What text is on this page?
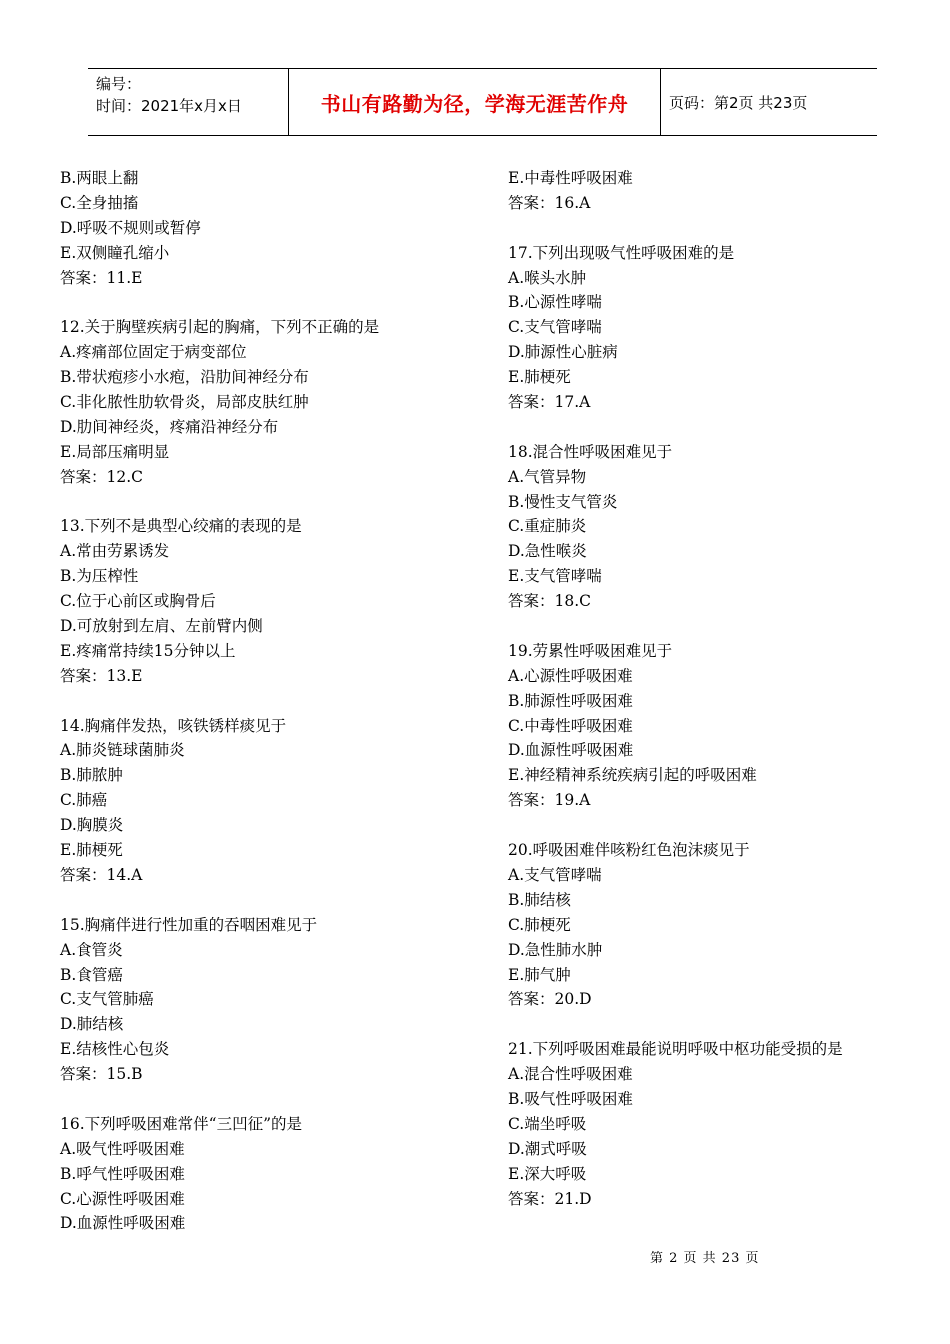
编号：
时间：2021年x月x日	书山有路勤为径，学海无涯苦作舟	页码：第2页 共23页
B.两眼上翻
C.全身抽搐
D.呼吸不规则或暂停
E.双侧瞳孔缩小
答案：11.E
12.关于胸壁疾病引起的胸痛，下列不正确的是
A.疼痛部位固定于病变部位
B.带状疱疹小水疱，沿肋间神经分布
C.非化脓性肋软骨炎，局部皮肤红肿
D.肋间神经炎，疼痛沿神经分布
E.局部压痛明显
答案：12.C
13.下列不是典型心绞痛的表现的是
A.常由劳累诱发
B.为压榨性
C.位于心前区或胸骨后
D.可放射到左肩、左前臂内侧
E.疼痛常持续15分钟以上
答案：13.E
14.胸痛伴发热，咳铁锈样痰见于
A.肺炎链球菌肺炎
B.肺脓肿
C.肺癌
D.胸膜炎
E.肺梗死
答案：14.A
15.胸痛伴进行性加重的吞咽困难见于
A.食管炎
B.食管癌
C.支气管肺癌
D.肺结核
E.结核性心包炎
答案：15.B
16.下列呼吸困难常伴“三凹征”的是
A.吸气性呼吸困难
B.呼气性呼吸困难
C.心源性呼吸困难
D.血源性呼吸困难
E.中毒性呼吸困难
答案：16.A
17.下列出现吸气性呼吸困难的是
A.喉头水肿
B.心源性哮喘
C.支气管哮喘
D.肺源性心脏病
E.肺梗死
答案：17.A
18.混合性呼吸困难见于
A.气管异物
B.慢性支气管炎
C.重症肺炎
D.急性喉炎
E.支气管哮喘
答案：18.C
19.劳累性呼吸困难见于
A.心源性呼吸困难
B.肺源性呼吸困难
C.中毒性呼吸困难
D.血源性呼吸困难
E.神经精神系统疾病引起的呼吸困难
答案：19.A
20.呼吸困难伴咳粉红色泡沫痰见于
A.支气管哮喘
B.肺结核
C.肺梗死
D.急性肺水肿
E.肺气肿
答案：20.D
21.下列呼吸困难最能说明呼吸中枢功能受损的是
A.混合性呼吸困难
B.吸气性呼吸困难
C.端坐呼吸
D.潮式呼吸
E.深大呼吸
答案：21.D
第 2 页 共 23 页
